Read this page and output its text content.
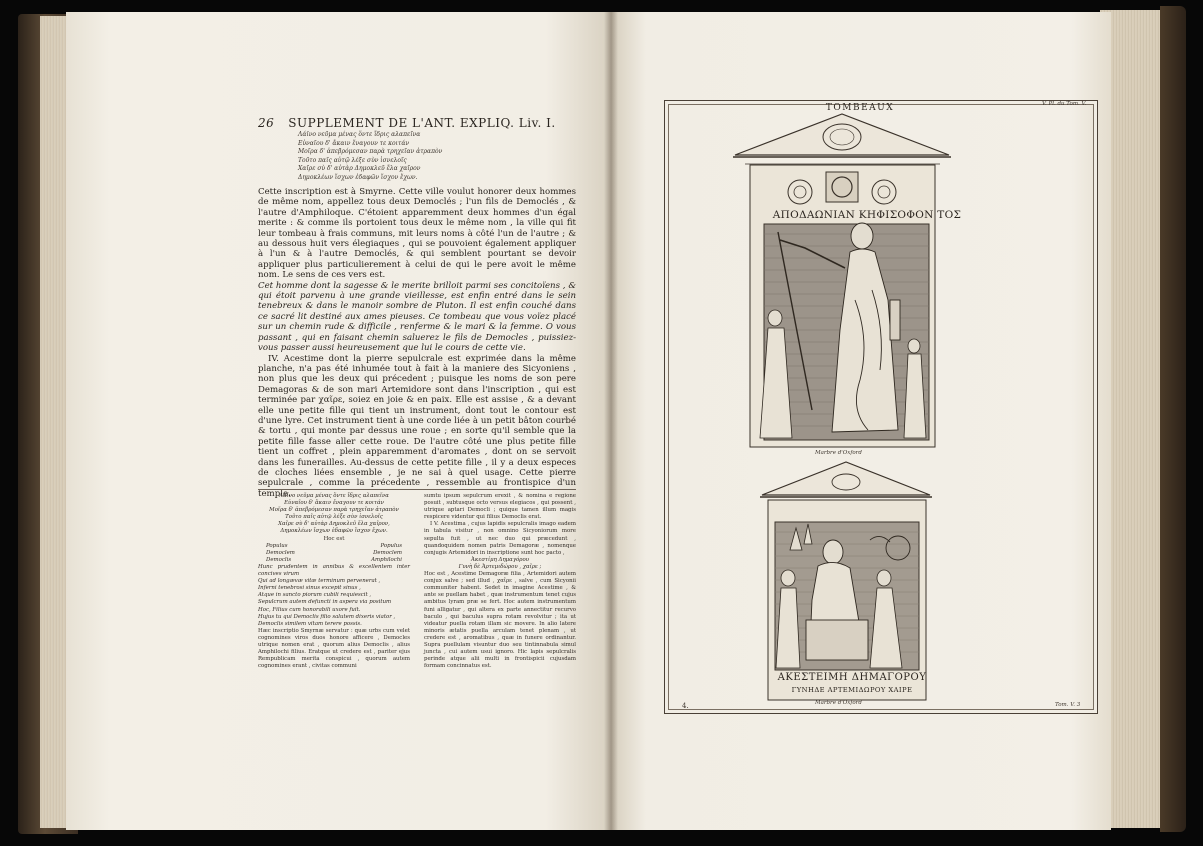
26 SUPPLEMENT DE L'ANT. EXPLIQ. Liv. I.
Λάϊνο νεῦμα μένας ὅντε ἴδρις αλαπεῖνα
Εὐναῖου δ' ἄκαιν ἔναγουν τε κοιτάν
Μοῖρα δ' ἀπεβρόμεσαν παρὰ τρηχεῖαν ἀτραπὸν
Τοῦτο παῖς αὐτῷ λέξε σὺν ἰσνελοῖς
Χαῖρε σὺ δ' αὐτὰρ Δημοκλεῦ ἔλα χαῖρον
Δημοκλέων ἴσχων ἐδαφῶν ἴσχον ἔχων.

Cette inscription est à Smyrne. Cette ville voulut honorer deux hommes de même nom, appellez tous deux Democlés ; l'un fils de Democlés , & l'autre d'Amphiloque. C'étoient apparemment deux hommes d'un égal merite : & comme ils portoient tous deux le même nom , la ville qui fit leur tombeau à frais communs, mit leurs noms à côté l'un de l'autre ; & au dessous huit vers élegiaques , qui se pouvoient également appliquer à l'un & à l'autre Democlés, & qui semblent pourtant se devoir appliquer plus particulierement à celui de qui le pere avoit le même nom. Le sens de ces vers est.

Cet homme dont la sagesse & le merite brilloit parmi ses concitoïens , & qui étoit parvenu à une grande vieillesse, est enfin entré dans le sein tenebreux & dans le manoir sombre de Pluton. Il est enfin couché dans ce sacré lit destiné aux ames pieuses. Ce tombeau que vous voïez placé sur un chemin rude & difficile , renferme & le mari & la femme. O vous passant , qui en faisant chemin saluerez le fils de Democles , puissiez-vous passer aussi heureusement que lui le cours de cette vie.

IV. Acestime dont la pierre sepulcrale est exprimée dans la même planche, n'a pas été inhumée tout à fait à la maniere des Sicyoniens , non plus que les deux qui précedent ; puisque les noms de son pere Demagoras & de son mari Artemidore sont dans l'inscription , qui est terminée par χαῖρε, soiez en joie & en paix. Elle est assise , & a devant elle une petite fille qui tient un instrument, dont tout le contour est d'une lyre. Cet instrument tient à une corde liée à un petit bâton courbé & tortu , qui monte par dessus une roue ; en sorte qu'il semble que la petite fille fasse aller cette roue. De l'autre côté une plus petite fille tient un coffret , plein apparemment d'aromates , dont on se servoit dans les funerailles. Au-dessus de cette petite fille , il y a deux especes de cloches liées ensemble , je ne sai à quel usage. Cette pierre sepulcrale , comme la précedente , ressemble au frontispice d'un temple.

Λάϊνο νεῦμα μένας ὅντε ἴδρις αλαπεῖνα

Εὐναῖου δ' ἄκαιν ἔναγουν τε κοιτάν

Μοῖρα δ' ἀπεβρόμεσαν παρὰ τρηχεῖαν ἀτραπὸν

Τοῦτο παῖς αὐτῷ λέξε σὺν ἰσνελοῖς

Χαῖρε σὺ δ' αὐτὰρ Δημοκλεῦ ἔλα χαῖρον,

Δημοκλέων ἴσχων ἐδαφῶν ἴσχον ἔχων.

Hoc est

Populus	Populus
Democlem	Democlem
Democlis	Amphilochi

Hunc prudentem in annibus & excellentem inter concives virum

Qui ad longævæ vitæ terminum pervenerat ,

Inferni tenebrosi sinus excepit sinus ,

Atque in sancto piorum cubili requiescit ,

Sepulcrum autem defuncti in aspera via positum

Hoc, Filius cum honorabili uxore fuit.

Hujus tu qui Democlis filio salutem dixeris viator ,

Democlis similem vitam terere possis.

Hæc inscriptio Smyrnæ servatur : quæ urbs cum velet cognomines viros duos honore afficere , Democles utrique nomen erat , quorum alius Democlis , alius Amphilochi filius. Eratque ut credere est , pariter ejus Rempublicam merita conspicui , quorum autem cognomines erant , civitas communi

sumtu ipsum sepulcrum erexit , & nomina e regione posuit , subtusque octo versus elegiacos , qui possent , utrique aptari Democli ; quique tamen illum magis respicere videntur qui filius Democlis erat.

I V. Acestima , cujus lapidis sepulcralis imago eadem in tabula visitur , non omnino Sicyoniorum more sepulta fuit , ut nec duo qui præcedunt , quandoquidem nomen patris Demagoræ , nomenque conjugis Artemidori in inscriptione sunt hoc pacto ,

Ἀκεστίμη Δημαγόρου

Γυνὴ δὲ Ἀρτεμιδώρου , χαῖρε ;

Hoc est , Acestime Demagoræ filia , Artemidori autem conjux salve ; sed illud , χαῖρε , salve , cum Sicyonii communiter habent. Sedet in imagine Acestime , & ante se puellam habet , quæ instrumentum tenet cujus ambitus lyram præ se fert. Hoc autem instrumentum funi alligatur , qui altera ex parte annectitur recurvo baculo , qui baculus supra rotam revolvitur ; ita ut videatur puella rotam illam sic movere. In alio latere minoris ætatis puella arculam tenet plenam , ut credere est , aromatibus , quæ in funere ordinantur. Supra puellulam visuntur duo seu tintinnabula simul juncta , cui autem usui ignoro. Hic lapis sepulcralis perinde atque alii multi in frontispicii cujusdam formam concinnatus est.

TOMBEAUX	V. Pl. du Tom. V.
ΑΠΟΔΑΩΝΙΑΝ ΚΗΦΙΣΟΦΟΝ ΤΟΣ
Marbre d'Oxford
ΑΚΕΣΤΕΙΜΗ ΔΗΜΑΓΟΡΟΥ
ΓΥΝΗΔΕ ΑΡΤΕΜΙΔΩΡΟΥ ΧΑΙΡΕ
Marbre d'Oxford	Tom. V. 3
4.
